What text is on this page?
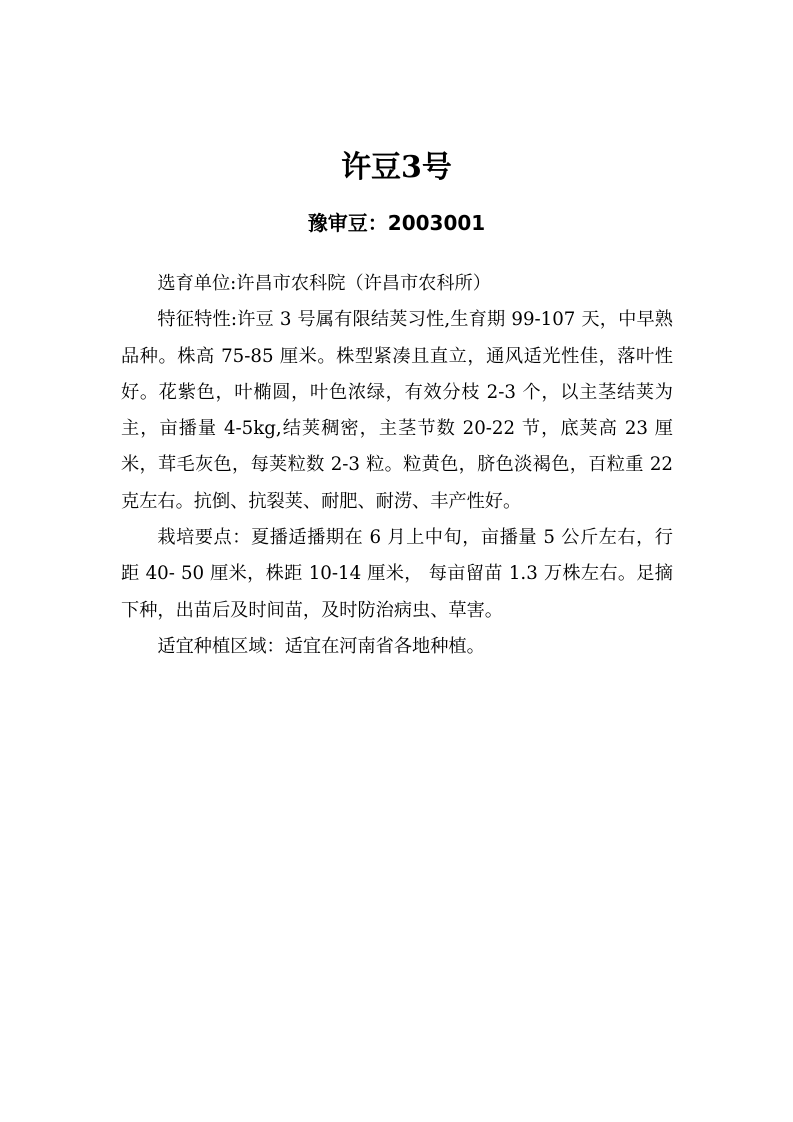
许豆3号
豫审豆：2003001

选育单位:许昌市农科院（许昌市农科所）

特征特性:许豆 3 号属有限结荚习性,生育期 99-107 天，中早熟品种。株高 75-85 厘米。株型紧凑且直立，通风适光性佳，落叶性好。花紫色，叶椭圆，叶色浓绿，有效分枝 2-3 个，以主茎结荚为主，亩播量 4-5kg,结荚稠密，主茎节数 20-22 节，底荚高 23 厘米，茸毛灰色，每荚粒数 2-3 粒。粒黄色，脐色淡褐色，百粒重 22 克左右。抗倒、抗裂荚、耐肥、耐涝、丰产性好。

栽培要点：夏播适播期在 6 月上中旬，亩播量 5 公斤左右，行距 40- 50 厘米，株距 10-14 厘米， 每亩留苗 1.3 万株左右。足摘下种，出苗后及时间苗，及时防治病虫、草害。

适宜种植区域：适宜在河南省各地种植。
